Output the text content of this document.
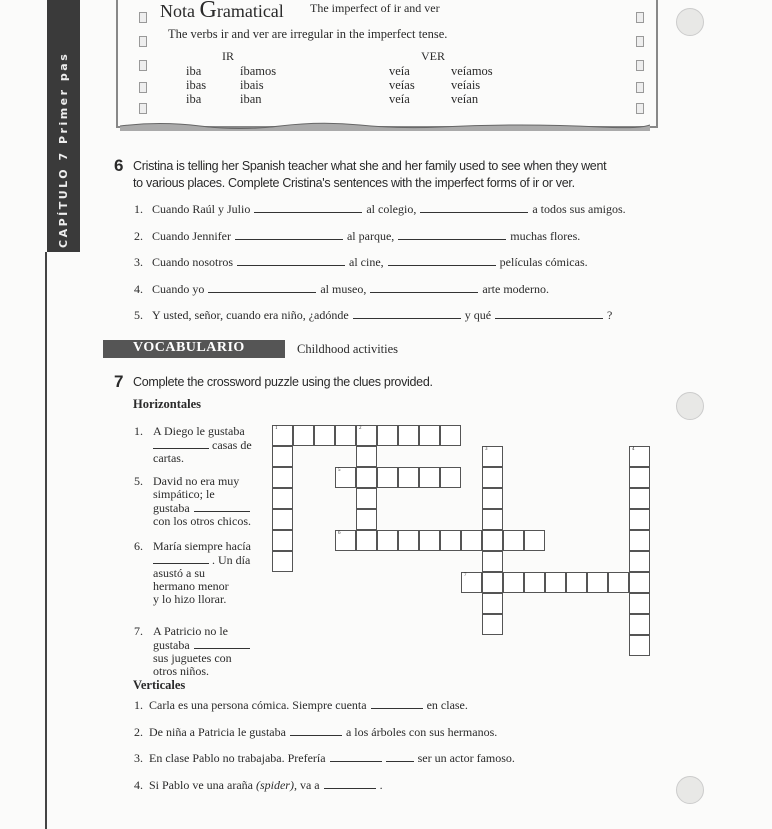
CAPÍTULO 7 Primer pas
Nota Gramatical The imperfect of ir and ver
The verbs ir and ver are irregular in the imperfect tense.
IR	VER
iba	íbamos	veía	veíamos
ibas	ibais	veías	veíais
iba	iban	veía	veían
6 Cristina is telling her Spanish teacher what she and her family used to see when they went
to various places. Complete Cristina's sentences with the imperfect forms of ir or ver.
1. Cuando Raúl y Julio	al colegio,	a todos sus amigos.
2. Cuando Jennifer	al parque,	muchas flores.
3. Cuando nosotros	al cine,	películas cómicas.
4. Cuando yo	al museo,	arte moderno.
5. Y usted, señor, cuando era niño, ¿adónde	y qué	?
VOCABULARIO	Childhood activities
7 Complete the crossword puzzle using the clues provided.
Horizontales
1. A Diego le gustaba
casas de
cartas.
5. David no era muy
simpático; le
gustaba
con los otros chicos.
6. María siempre hacía
. Un día
asustó a su
hermano menor
y lo hizo llorar.
7. A Patricio no le
gustaba
sus juguetes con
otros niños.
1	2
3	4
5
6
7
Verticales
1. Carla es una persona cómica. Siempre cuenta	en clase.
2. De niña a Patricia le gustaba	a los árboles con sus hermanos.
3. En clase Pablo no trabajaba. Prefería	ser un actor famoso.
4. Si Pablo ve una araña (spider), va a	.
